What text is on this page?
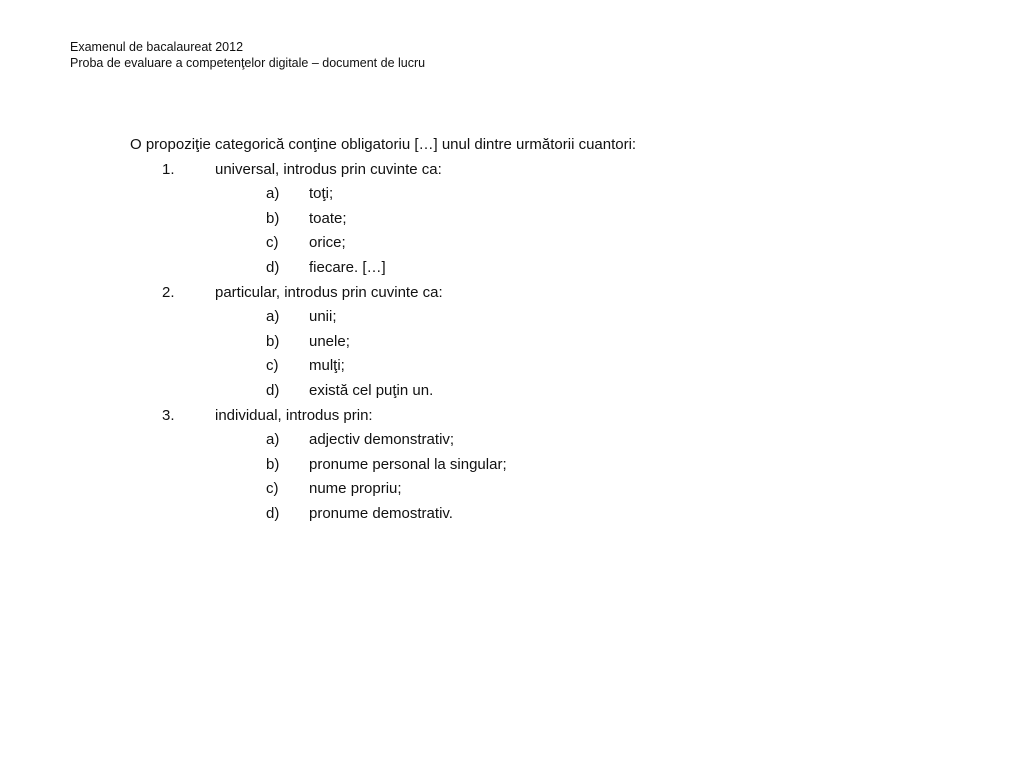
Examenul de bacalaureat 2012
Proba de evaluare a competenţelor digitale – document de lucru
O propoziţie categorică conţine obligatoriu […] unul dintre următorii cuantori:
1.	universal, introdus prin cuvinte ca:
a) toţi;
b) toate;
c) orice;
d) fiecare. […]
2.	particular, introdus prin cuvinte ca:
a) unii;
b) unele;
c) mulţi;
d) există cel puţin un.
3.	individual, introdus prin:
a) adjectiv demonstrativ;
b) pronume personal la singular;
c) nume propriu;
d) pronume demostrativ.
